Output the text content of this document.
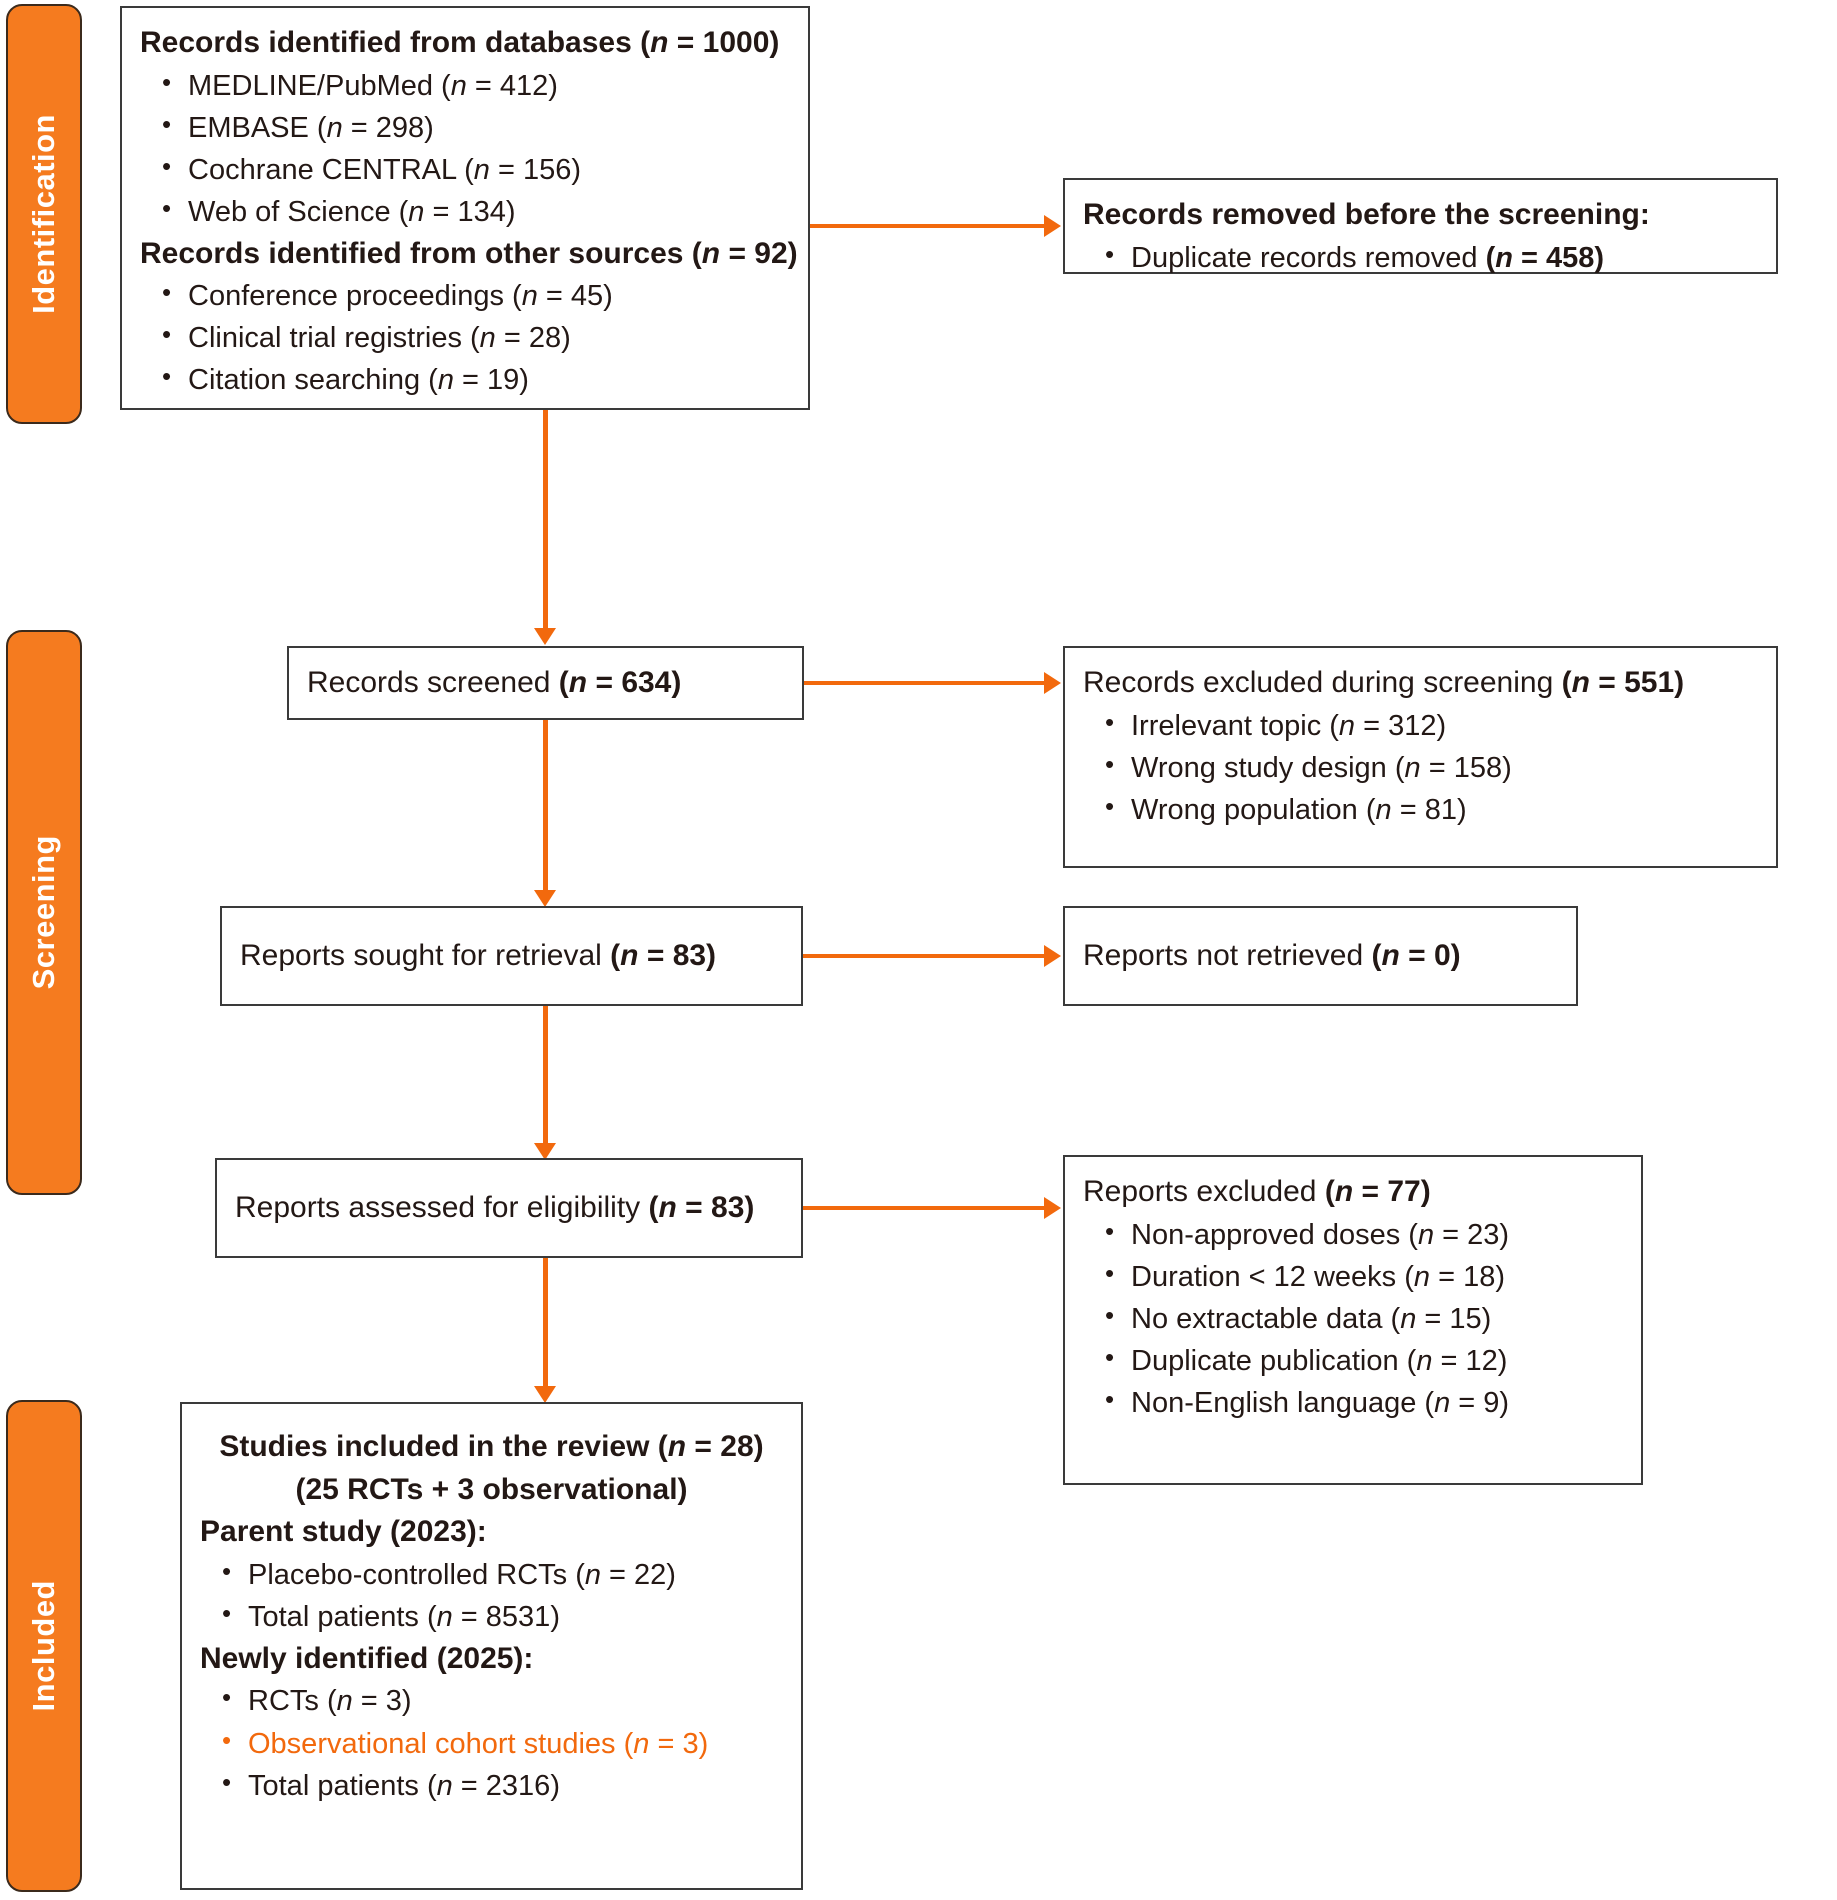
Identification
Screening
Included
Records identified from databases (n = 1000)
• MEDLINE/PubMed (n = 412)
• EMBASE (n = 298)
• Cochrane CENTRAL (n = 156)
• Web of Science (n = 134)
Records identified from other sources (n = 92)
• Conference proceedings (n = 45)
• Clinical trial registries (n = 28)
• Citation searching (n = 19)
Records removed before the screening:
• Duplicate records removed (n = 458)
Records screened (n = 634)	Records excluded during screening (n = 551)
• Irrelevant topic (n = 312)
• Wrong study design (n = 158)
• Wrong population (n = 81)
Reports sought for retrieval (n = 83)	Reports not retrieved (n = 0)
Reports assessed for eligibility (n = 83)	Reports excluded (n = 77)
• Non-approved doses (n = 23)
• Duration < 12 weeks (n = 18)
• No extractable data (n = 15)
• Duplicate publication (n = 12)
• Non-English language (n = 9)
Studies included in the review (n = 28)
(25 RCTs + 3 observational)
Parent study (2023):
• Placebo-controlled RCTs (n = 22)
• Total patients (n = 8531)
Newly identified (2025):
• RCTs (n = 3)
• Observational cohort studies (n = 3)
• Total patients (n = 2316)
